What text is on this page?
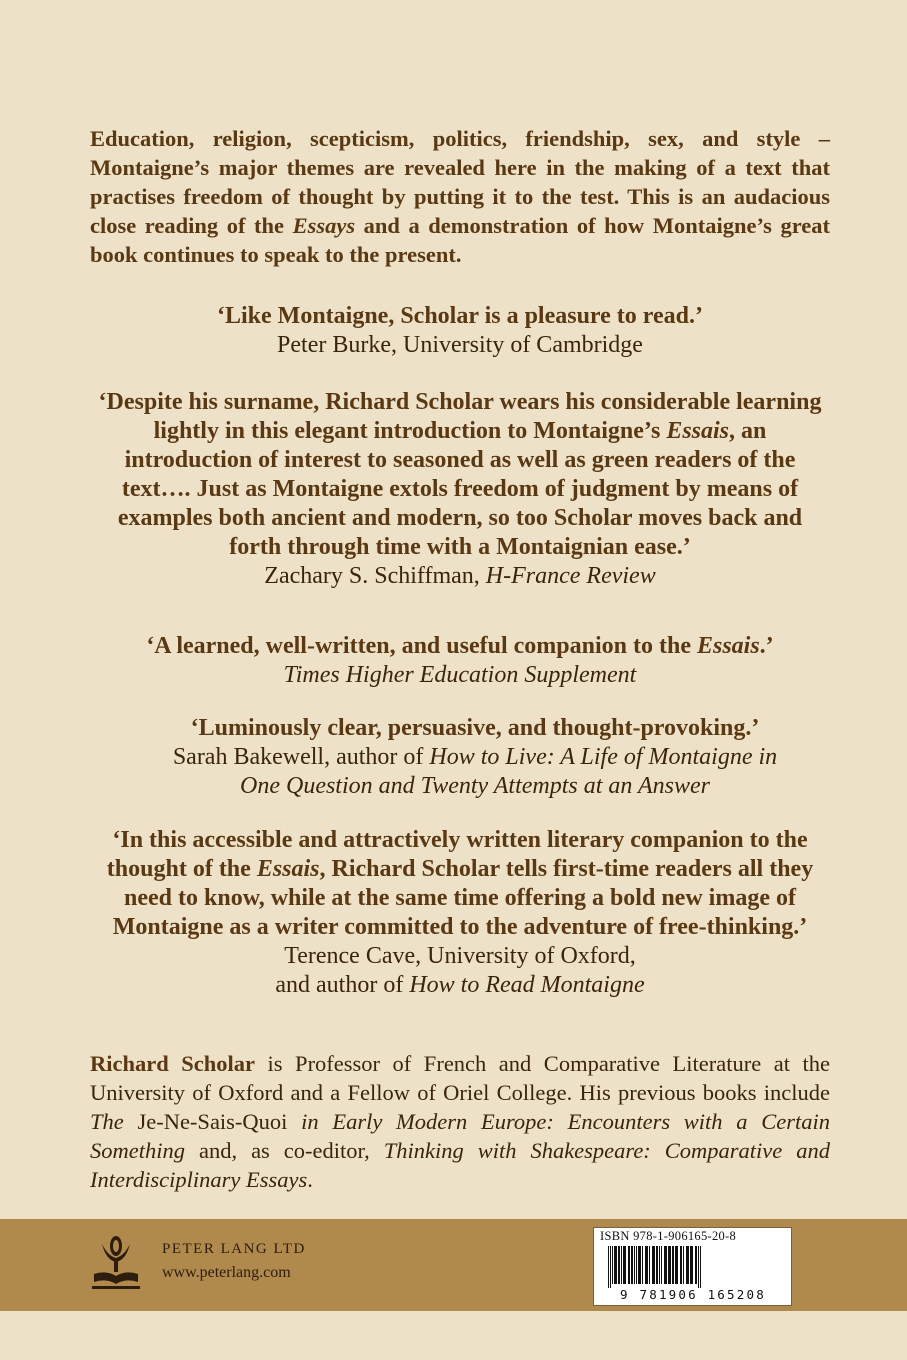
Education, religion, scepticism, politics, friendship, sex, and style – Montaigne’s major themes are revealed here in the making of a text that practises freedom of thought by putting it to the test. This is an audacious close reading of the Essays and a demonstration of how Montaigne’s great book continues to speak to the present.

‘Like Montaigne, Scholar is a pleasure to read.’
Peter Burke, University of Cambridge
‘Despite his surname, Richard Scholar wears his considerable learning lightly in this elegant introduction to Montaigne’s Essais, an introduction of interest to seasoned as well as green readers of the text…. Just as Montaigne extols freedom of judgment by means of examples both ancient and modern, so too Scholar moves back and forth through time with a Montaignian ease.’
Zachary S. Schiffman, H-France Review
‘A learned, well-written, and useful companion to the Essais.’
Times Higher Education Supplement
‘Luminously clear, persuasive, and thought-provoking.’
Sarah Bakewell, author of How to Live: A Life of Montaigne in One Question and Twenty Attempts at an Answer
‘In this accessible and attractively written literary companion to the thought of the Essais, Richard Scholar tells first-time readers all they need to know, while at the same time offering a bold new image of Montaigne as a writer committed to the adventure of free-thinking.’
Terence Cave, University of Oxford,
and author of How to Read Montaigne

Richard Scholar is Professor of French and Comparative Literature at the University of Oxford and a Fellow of Oriel College. His previous books include The Je-Ne-Sais-Quoi in Early Modern Europe: Encounters with a Certain Something and, as co-editor, Thinking with Shakespeare: Comparative and Interdisciplinary Essays.

PETER LANG LTD
www.peterlang.com
ISBN 978-1-906165-20-8
9 781906 165208
